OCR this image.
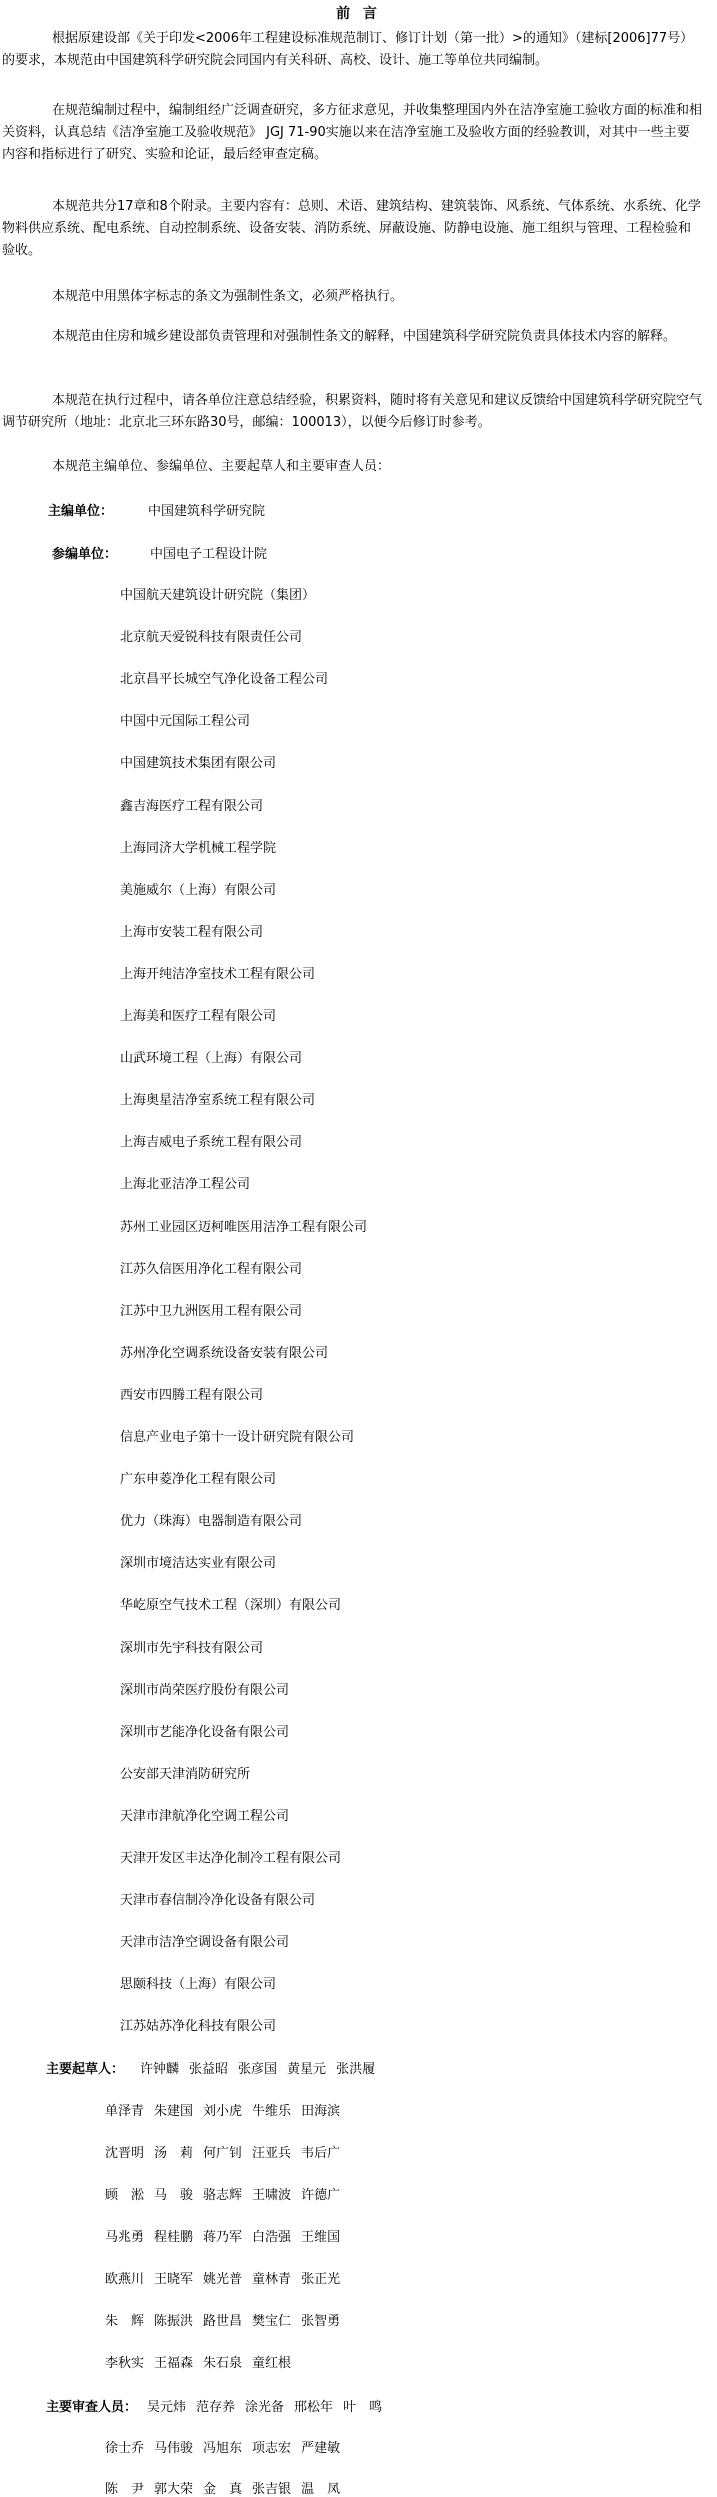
前 言
根据原建设部《关于印发<2006年工程建设标准规范制订、修订计划（第一批）>的通知》（建标[2006]77号）的要求，本规范由中国建筑科学研究院会同国内有关科研、高校、设计、施工等单位共同编制。
在规范编制过程中，编制组经广泛调查研究，多方征求意见，并收集整理国内外在洁净室施工验收方面的标准和相关资料，认真总结《洁净室施工及验收规范》 JGJ 71-90实施以来在洁净室施工及验收方面的经验教训，对其中一些主要内容和指标进行了研究、实验和论证，最后经审查定稿。
本规范共分17章和8个附录。主要内容有：总则、术语、建筑结构、建筑装饰、风系统、气体系统、水系统、化学物料供应系统、配电系统、自动控制系统、设备安装、消防系统、屏蔽设施、防静电设施、施工组织与管理、工程检验和验收。
本规范中用黑体字标志的条文为强制性条文，必须严格执行。
本规范由住房和城乡建设部负责管理和对强制性条文的解释，中国建筑科学研究院负责具体技术内容的解释。
本规范在执行过程中，请各单位注意总结经验，积累资料，随时将有关意见和建议反馈给中国建筑科学研究院空气调节研究所（地址：北京北三环东路30号，邮编：100013），以便今后修订时参考。
本规范主编单位、参编单位、主要起草人和主要审查人员：
主编单位：	中国建筑科学研究院
参编单位：	中国电子工程设计院
中国航天建筑设计研究院（集团）
北京航天爱锐科技有限责任公司
北京昌平长城空气净化设备工程公司
中国中元国际工程公司
中国建筑技术集团有限公司
鑫吉海医疗工程有限公司
上海同济大学机械工程学院
美施威尔（上海）有限公司
上海市安装工程有限公司
上海开纯洁净室技术工程有限公司
上海美和医疗工程有限公司
山武环境工程（上海）有限公司
上海奥星洁净室系统工程有限公司
上海吉威电子系统工程有限公司
上海北亚洁净工程公司
苏州工业园区迈柯唯医用洁净工程有限公司
江苏久信医用净化工程有限公司
江苏中卫九洲医用工程有限公司
苏州净化空调系统设备安装有限公司
西安市四腾工程有限公司
信息产业电子第十一设计研究院有限公司
广东申菱净化工程有限公司
优力（珠海）电器制造有限公司
深圳市境洁达实业有限公司
华屹原空气技术工程（深圳）有限公司
深圳市先宇科技有限公司
深圳市尚荣医疗股份有限公司
深圳市艺能净化设备有限公司
公安部天津消防研究所
天津市津航净化空调工程公司
天津开发区丰达净化制冷工程有限公司
天津市春信制冷净化设备有限公司
天津市洁净空调设备有限公司
思颐科技（上海）有限公司
江苏姑苏净化科技有限公司
主要起草人： 许钟麟 张益昭 张彦国 黄星元 张洪履
单泽青 朱建国 刘小虎 牛维乐 田海滨
沈晋明 汤　莉 何广钊 汪亚兵 韦后广
顾　淞 马　骏 骆志辉 王啸波 许德广
马兆勇 程桂鹏 蒋乃军 白浩强 王维国
欧燕川 王晓军 姚光普 童林青 张正光
朱　辉 陈振洪 路世昌 樊宝仁 张智勇
李秋实 王福森 朱石泉 童红根
主要审查人员： 吴元炜 范存养 涂光备 邢松年 叶　鸣
徐士乔 马伟骏 冯旭东 项志宏 严建敏
陈　尹 郭大荣 金　真 张吉银 温　凤
